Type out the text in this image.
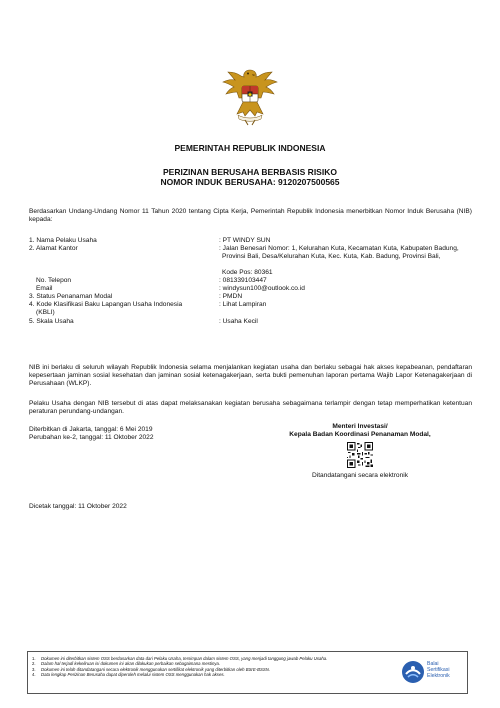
PEMERINTAH REPUBLIK INDONESIA
PERIZINAN BERUSAHA BERBASIS RISIKO
NOMOR INDUK BERUSAHA: 9120207500565
Berdasarkan Undang-Undang Nomor 11 Tahun 2020 tentang Cipta Kerja, Pemerintah Republik Indonesia menerbitkan Nomor Induk Berusaha (NIB) kepada:
1. Nama Pelaku Usaha	: PT WINDY SUN
2. Alamat Kantor	: Jalan Benesari Nomor: 1, Kelurahan Kuta, Kecamatan Kuta, Kabupaten Badung, Provinsi Bali, Desa/Kelurahan Kuta, Kec. Kuta, Kab. Badung, Provinsi Bali,
Kode Pos: 80361
No. Telepon	: 081339103447
Email	: windysun100@outlook.co.id
3. Status Penanaman Modal	: PMDN
4. Kode Klasifikasi Baku Lapangan Usaha Indonesia
(KBLI)
: Lihat Lampiran
5. Skala Usaha	: Usaha Kecil
NIB ini berlaku di seluruh wilayah Republik Indonesia selama menjalankan kegiatan usaha dan berlaku sebagai hak akses kepabeanan, pendaftaran kepesertaan jaminan sosial kesehatan dan jaminan sosial ketenagakerjaan, serta bukti pemenuhan laporan pertama Wajib Lapor Ketenagakerjaan di Perusahaan (WLKP).
Pelaku Usaha dengan NIB tersebut di atas dapat melaksanakan kegiatan berusaha sebagaimana terlampir dengan tetap memperhatikan ketentuan peraturan perundang-undangan.
Diterbitkan di Jakarta, tanggal: 6 Mei 2019
Perubahan ke-2, tanggal: 11 Oktober 2022
Menteri Investasi/
Kepala Badan Koordinasi Penanaman Modal,
Ditandatangani secara elektronik
Dicetak tanggal: 11 Oktober 2022
1. Dokumen ini diterbitkan sistem OSS berdasarkan data dari Pelaku Usaha, tersimpan dalam sistem OSS, yang menjadi tanggung jawab Pelaku Usaha.
2. Dalam hal terjadi kekeliruan isi dokumen ini akan dilakukan perbaikan sebagaimana mestinya.
3. Dokumen ini telah ditandatangani secara elektronik menggunakan sertifikat elektronik yang diterbitkan oleh BSrE-BSSN.
4. Data lengkap Perizinan Berusaha dapat diperoleh melalui sistem OSS menggunakan hak akses.
Balai
Sertifikasi
Elektronik
